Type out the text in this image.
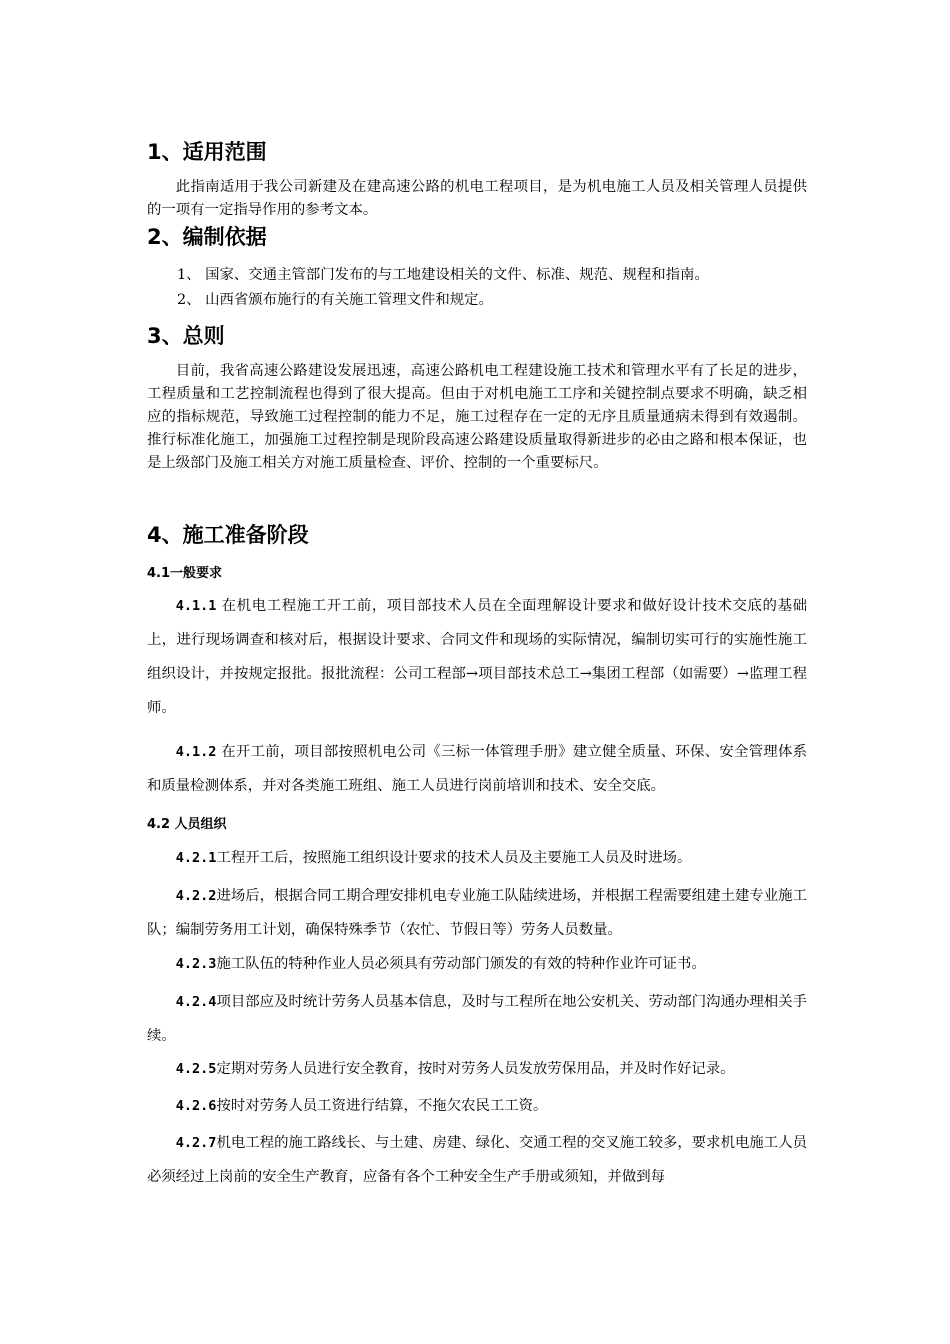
1、适用范围
此指南适用于我公司新建及在建高速公路的机电工程项目，是为机电施工人员及相关管理人员提供的一项有一定指导作用的参考文本。
2、编制依据
1、 国家、交通主管部门发布的与工地建设相关的文件、标准、规范、规程和指南。
2、 山西省颁布施行的有关施工管理文件和规定。
3、总则
目前，我省高速公路建设发展迅速，高速公路机电工程建设施工技术和管理水平有了长足的进步，工程质量和工艺控制流程也得到了很大提高。但由于对机电施工工序和关键控制点要求不明确，缺乏相应的指标规范，导致施工过程控制的能力不足，施工过程存在一定的无序且质量通病未得到有效遏制。推行标准化施工，加强施工过程控制是现阶段高速公路建设质量取得新进步的必由之路和根本保证，也是上级部门及施工相关方对施工质量检查、评价、控制的一个重要标尺。
4、施工准备阶段
4.1一般要求
4.1.1 在机电工程施工开工前，项目部技术人员在全面理解设计要求和做好设计技术交底的基础上，进行现场调查和核对后，根据设计要求、合同文件和现场的实际情况，编制切实可行的实施性施工组织设计，并按规定报批。报批流程：公司工程部→项目部技术总工→集团工程部（如需要）→监理工程师。
4.1.2 在开工前，项目部按照机电公司《三标一体管理手册》建立健全质量、环保、安全管理体系和质量检测体系，并对各类施工班组、施工人员进行岗前培训和技术、安全交底。
4.2 人员组织
4.2.1工程开工后，按照施工组织设计要求的技术人员及主要施工人员及时进场。
4.2.2进场后，根据合同工期合理安排机电专业施工队陆续进场，并根据工程需要组建土建专业施工队；编制劳务用工计划，确保特殊季节（农忙、节假日等）劳务人员数量。
4.2.3施工队伍的特种作业人员必须具有劳动部门颁发的有效的特种作业许可证书。
4.2.4项目部应及时统计劳务人员基本信息，及时与工程所在地公安机关、劳动部门沟通办理相关手续。
4.2.5定期对劳务人员进行安全教育，按时对劳务人员发放劳保用品，并及时作好记录。
4.2.6按时对劳务人员工资进行结算，不拖欠农民工工资。
4.2.7机电工程的施工路线长、与土建、房建、绿化、交通工程的交叉施工较多，要求机电施工人员必须经过上岗前的安全生产教育，应备有各个工种安全生产手册或须知，并做到每
